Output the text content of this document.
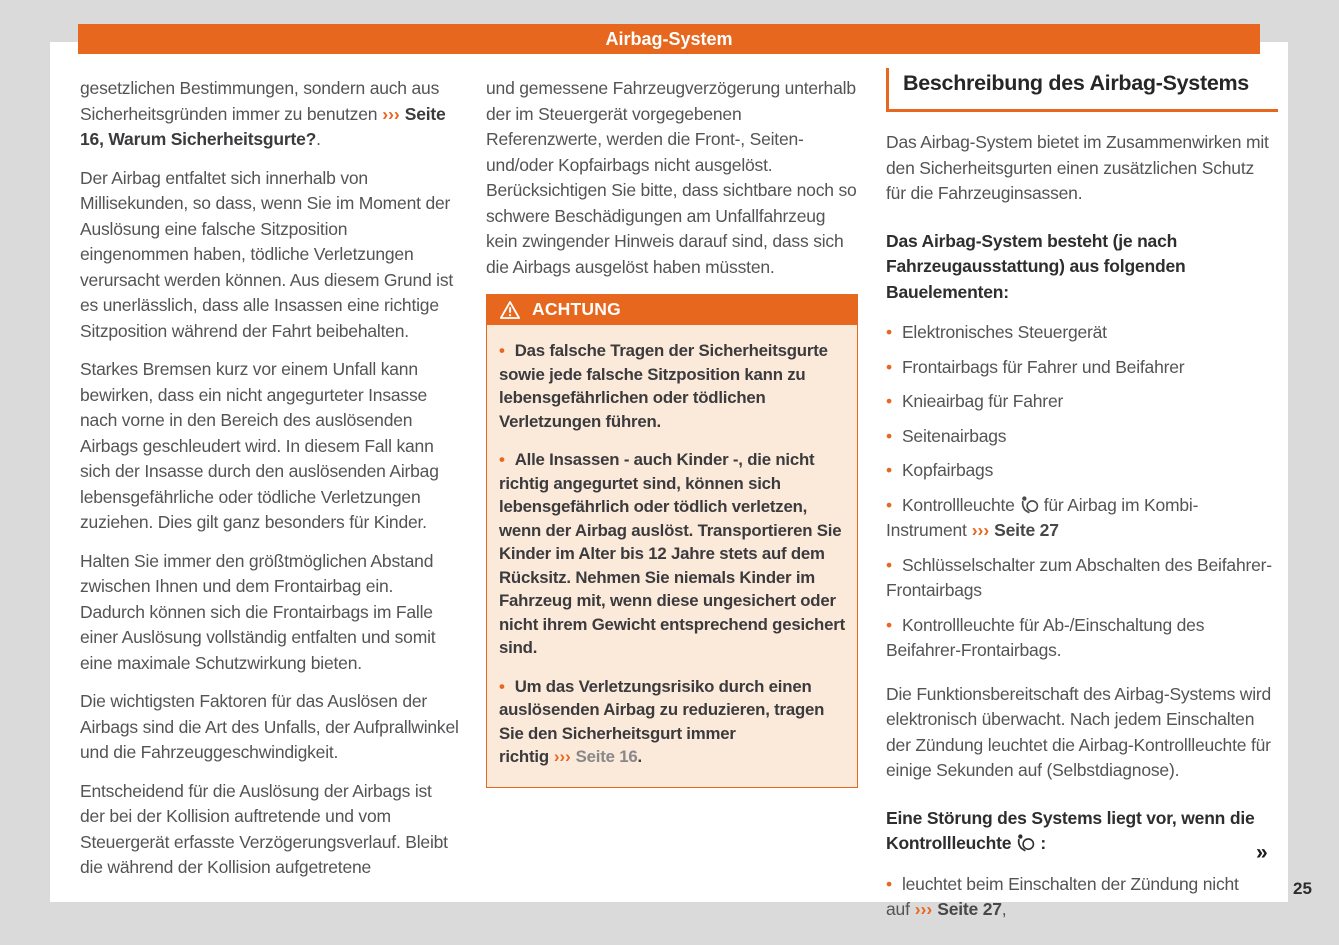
Airbag-System

gesetzlichen Bestimmungen, sondern auch aus Sicherheitsgründen immer zu benutzen ››› Seite 16, Warum Sicherheitsgurte?.

Der Airbag entfaltet sich innerhalb von Millisekunden, so dass, wenn Sie im Moment der Auslösung eine falsche Sitzposition eingenommen haben, tödliche Verletzungen verursacht werden können. Aus diesem Grund ist es unerlässlich, dass alle Insassen eine richtige Sitzposition während der Fahrt beibehalten.

Starkes Bremsen kurz vor einem Unfall kann bewirken, dass ein nicht angegurteter Insasse nach vorne in den Bereich des auslösenden Airbags geschleudert wird. In diesem Fall kann sich der Insasse durch den auslösenden Airbag lebensgefährliche oder tödliche Verletzungen zuziehen. Dies gilt ganz besonders für Kinder.

Halten Sie immer den größtmöglichen Abstand zwischen Ihnen und dem Frontairbag ein. Dadurch können sich die Frontairbags im Falle einer Auslösung vollständig entfalten und somit eine maximale Schutzwirkung bieten.

Die wichtigsten Faktoren für das Auslösen der Airbags sind die Art des Unfalls, der Aufprallwinkel und die Fahrzeuggeschwindigkeit.

Entscheidend für die Auslösung der Airbags ist der bei der Kollision auftretende und vom Steuergerät erfasste Verzögerungsverlauf. Bleibt die während der Kollision aufgetretene

und gemessene Fahrzeugverzögerung unterhalb der im Steuergerät vorgegebenen Referenzwerte, werden die Front-, Seiten- und/oder Kopfairbags nicht ausgelöst. Berücksichtigen Sie bitte, dass sichtbare noch so schwere Beschädigungen am Unfallfahrzeug kein zwingender Hinweis darauf sind, dass sich die Airbags ausgelöst haben müssten.

ACHTUNG

• Das falsche Tragen der Sicherheitsgurte sowie jede falsche Sitzposition kann zu lebensgefährlichen oder tödlichen Verletzungen führen.

• Alle Insassen - auch Kinder -, die nicht richtig angegurtet sind, können sich lebensgefährlich oder tödlich verletzen, wenn der Airbag auslöst. Transportieren Sie Kinder im Alter bis 12 Jahre stets auf dem Rücksitz. Nehmen Sie niemals Kinder im Fahrzeug mit, wenn diese ungesichert oder nicht ihrem Gewicht entsprechend gesichert sind.

• Um das Verletzungsrisiko durch einen auslösenden Airbag zu reduzieren, tragen Sie den Sicherheitsgurt immer richtig ››› Seite 16.

Beschreibung des Airbag-Systems

Das Airbag-System bietet im Zusammenwirken mit den Sicherheitsgurten einen zusätzlichen Schutz für die Fahrzeuginsassen.

Das Airbag-System besteht (je nach Fahrzeugausstattung) aus folgenden Bauelementen:

• Elektronisches Steuergerät

• Frontairbags für Fahrer und Beifahrer

• Knieairbag für Fahrer

• Seitenairbags

• Kopfairbags

• Kontrollleuchte für Airbag im Kombi-Instrument ››› Seite 27

• Schlüsselschalter zum Abschalten des Beifahrer-Frontairbags

• Kontrollleuchte für Ab-/Einschaltung des Beifahrer-Frontairbags.

Die Funktionsbereitschaft des Airbag-Systems wird elektronisch überwacht. Nach jedem Einschalten der Zündung leuchtet die Airbag-Kontrollleuchte für einige Sekunden auf (Selbstdiagnose).

Eine Störung des Systems liegt vor, wenn die Kontrollleuchte :

• leuchtet beim Einschalten der Zündung nicht auf ››› Seite 27,

»
25
